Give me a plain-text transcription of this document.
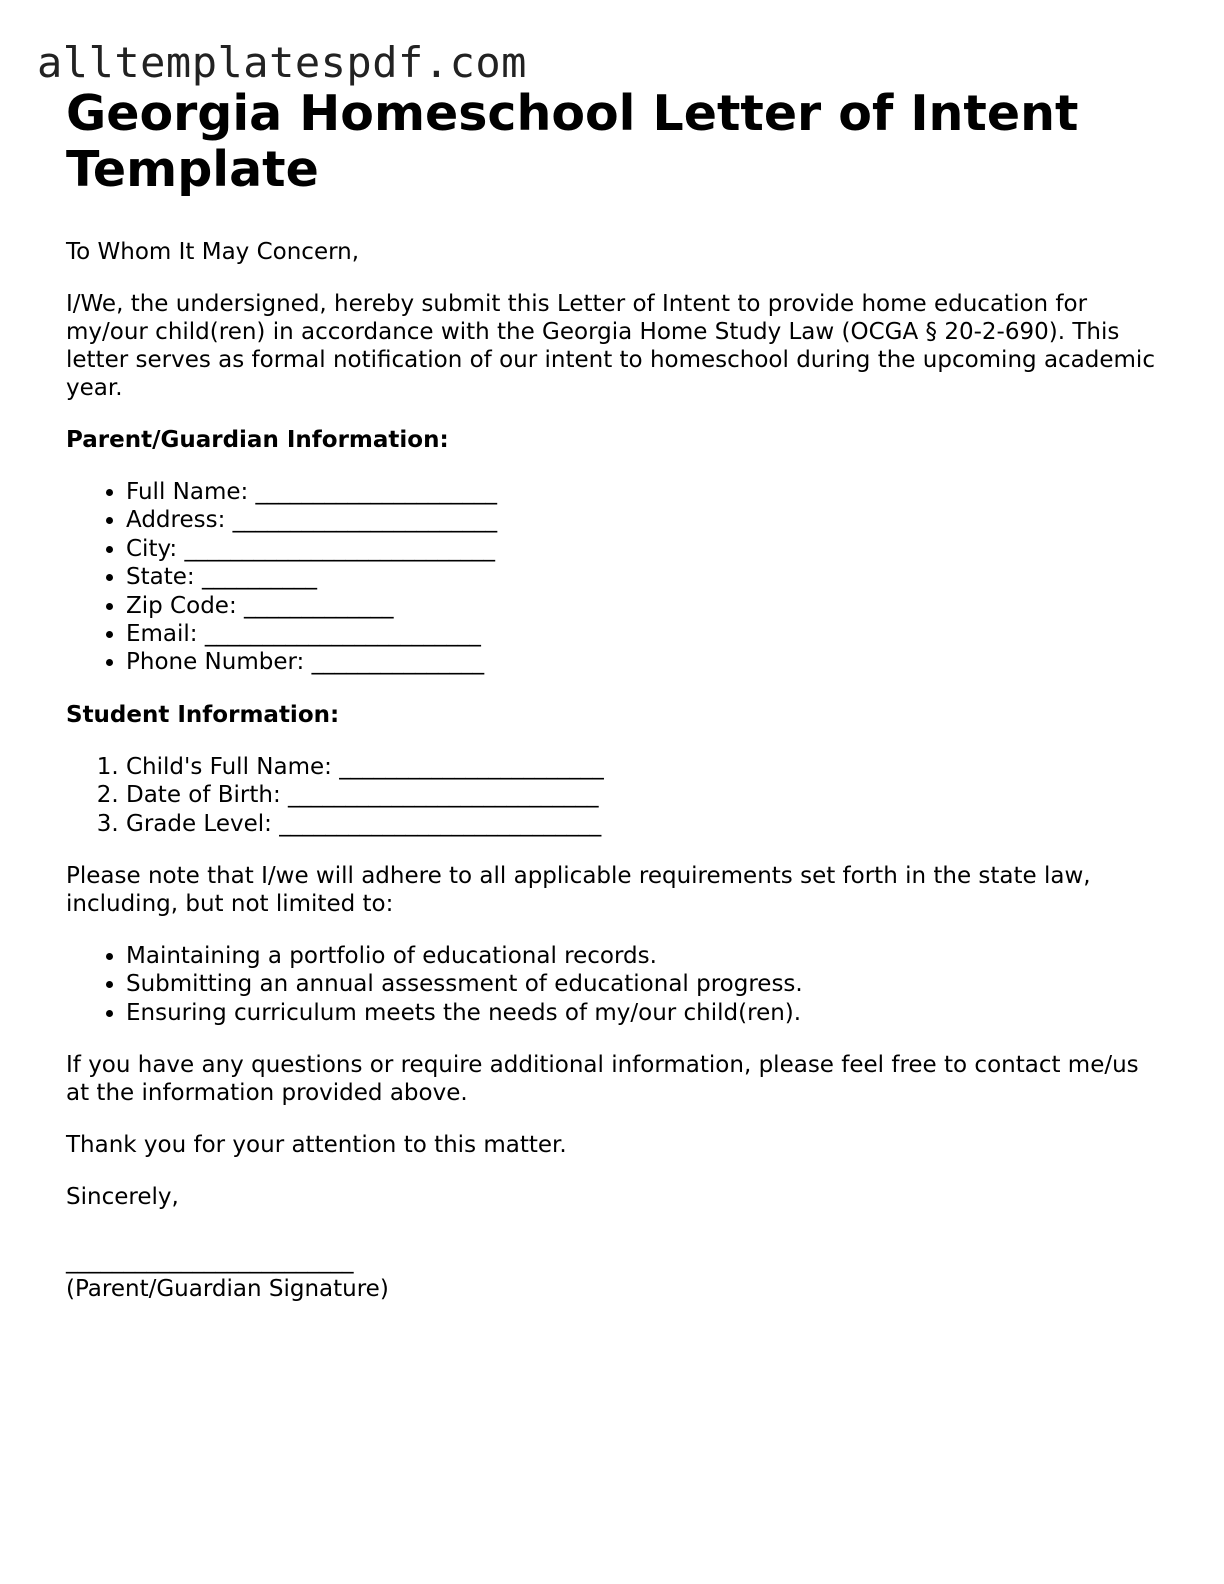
alltemplatespdf.com
Georgia Homeschool Letter of Intent Template

To Whom It May Concern,

I/We, the undersigned, hereby submit this Letter of Intent to provide home education for my/our child(ren) in accordance with the Georgia Home Study Law (OCGA § 20-2-690). This letter serves as formal notification of our intent to homeschool during the upcoming academic year.

Parent/Guardian Information:

• Full Name: _____________________
• Address: _______________________
• City: ___________________________
• State: __________
• Zip Code: _____________
• Email: ________________________
• Phone Number: _______________

Student Information:

1. Child's Full Name: _______________________
2. Date of Birth: ___________________________
3. Grade Level: ____________________________

Please note that I/we will adhere to all applicable requirements set forth in the state law, including, but not limited to:

• Maintaining a portfolio of educational records.
• Submitting an annual assessment of educational progress.
• Ensuring curriculum meets the needs of my/our child(ren).

If you have any questions or require additional information, please feel free to contact me/us at the information provided above.

Thank you for your attention to this matter.

Sincerely,

_________________________

(Parent/Guardian Signature)
